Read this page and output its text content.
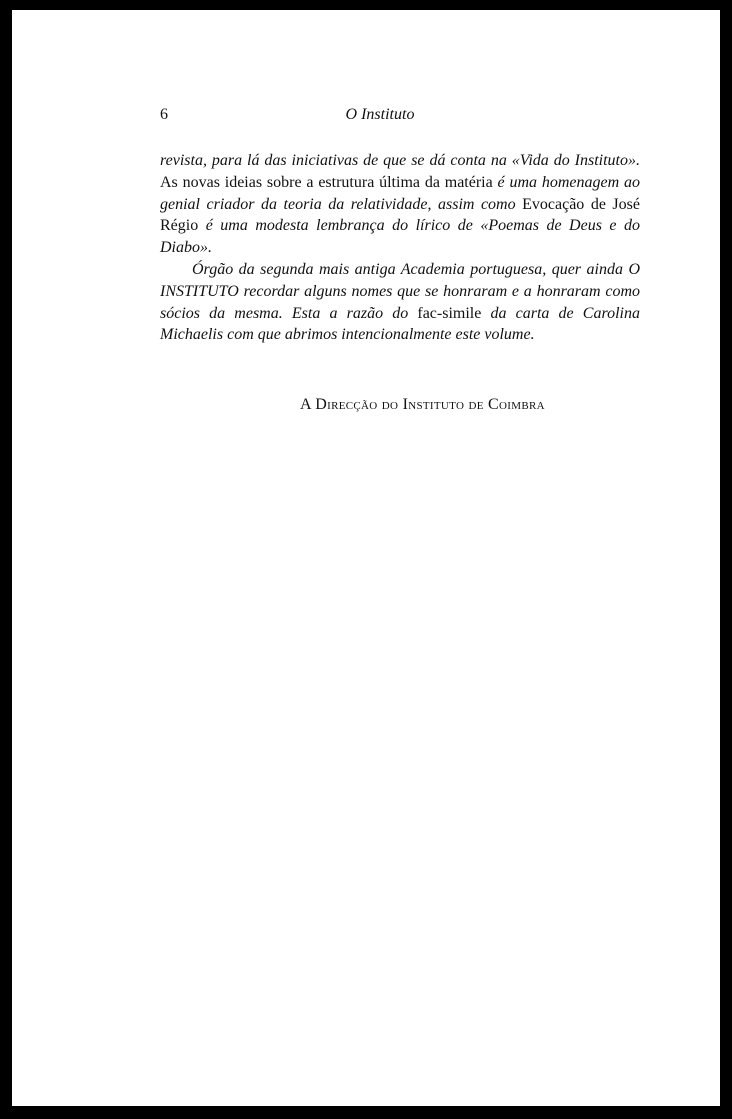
6	O Instituto

revista, para lá das iniciativas de que se dá conta na «Vida do Instituto». As novas ideias sobre a estrutura última da matéria é uma homenagem ao genial criador da teoria da relatividade, assim como Evocação de José Régio é uma modesta lembrança do lírico de «Poemas de Deus e do Diabo».

Órgão da segunda mais antiga Academia portuguesa, quer ainda O INSTITUTO recordar alguns nomes que se honraram e a honraram como sócios da mesma. Esta a razão do fac-simile da carta de Carolina Michaelis com que abrimos intencionalmente este volume.

A Direcção do Instituto de Coimbra
